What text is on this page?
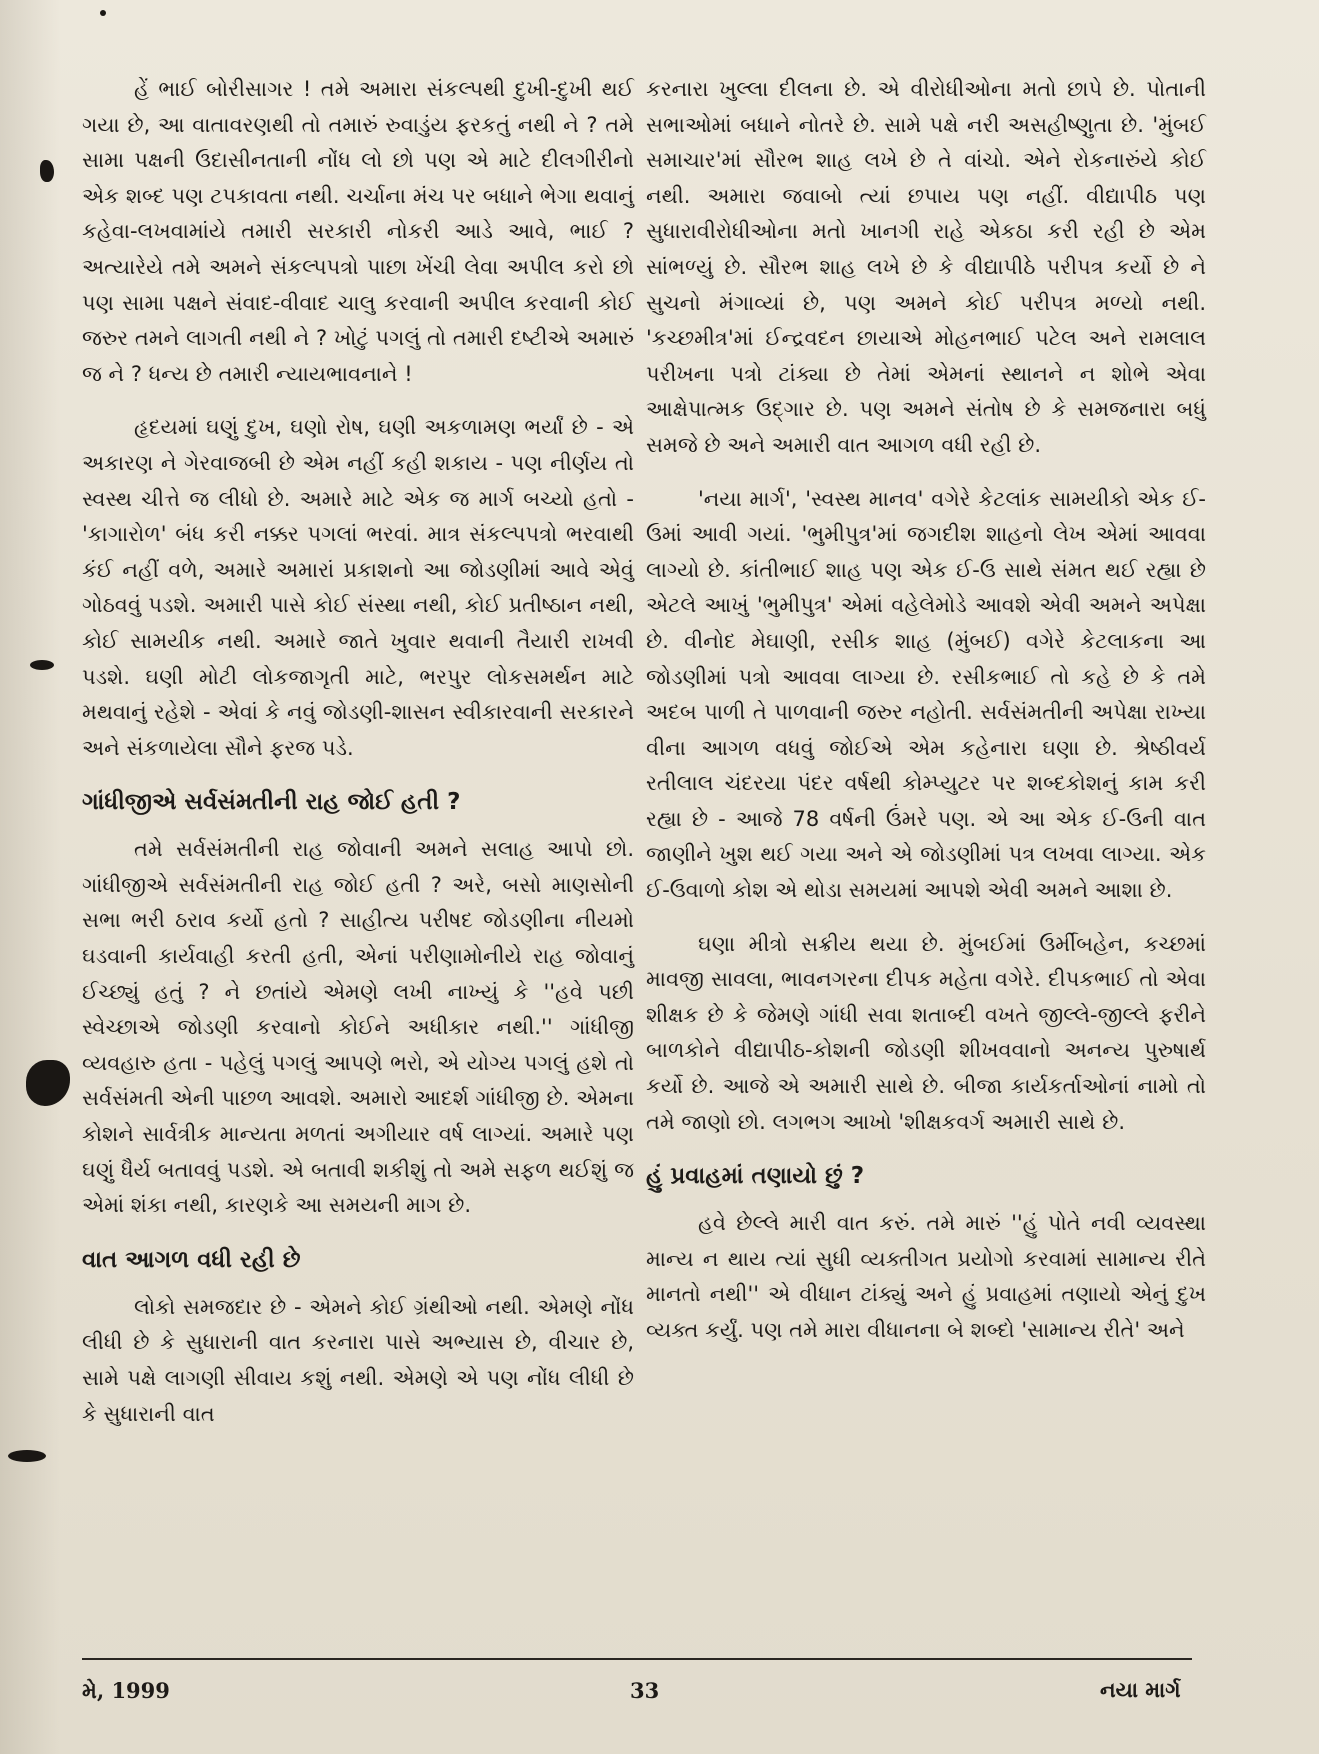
હેં ભાઈ બોરીસાગર ! તમે અમારા સંકલ્પથી દુખી-દુખી થઈ ગયા છે, આ વાતાવરણથી તો તમારું રુવાડુંય ફરકતું નથી ને ? તમે સામા પક્ષની ઉદાસીનતાની નોંધ લો છો પણ એ માટે દીલગીરીનો એક શબ્દ પણ ટપકાવતા નથી. ચર્ચાના મંચ પર બધાને ભેગા થવાનું કહેવા-લખવામાંયે તમારી સરકારી નોકરી આડે આવે, ભાઈ ? અત્યારેયે તમે અમને સંકલ્પપત્રો પાછા ખેંચી લેવા અપીલ કરો છો પણ સામા પક્ષને સંવાદ-વીવાદ ચાલુ કરવાની અપીલ કરવાની કોઈ જરુર તમને લાગતી નથી ને ? ખોટું પગલું તો તમારી દષ્ટીએ અમારું જ ને ? ધન્ય છે તમારી ન્યાયભાવનાને !

હૃદયમાં ઘણું દુખ, ઘણો રોષ, ઘણી અકળામણ ભર્યાં છે - એ અકારણ ને ગેરવાજબી છે એમ નહીં કહી શકાય - પણ નીર્ણય તો સ્વસ્થ ચીત્તે જ લીધો છે. અમારે માટે એક જ માર્ગ બચ્યો હતો - 'કાગારોળ' બંધ કરી નક્કર પગલાં ભરવાં. માત્ર સંકલ્પપત્રો ભરવાથી કંઈ નહીં વળે, અમારે અમારાં પ્રકાશનો આ જોડણીમાં આવે એવું ગોઠવવું પડશે. અમારી પાસે કોઈ સંસ્થા નથી, કોઈ પ્રતીષ્ઠાન નથી, કોઈ સામયીક નથી. અમારે જાતે ખુવાર થવાની તૈયારી રાખવી પડશે. ઘણી મોટી લોકજાગૃતી માટે, ભરપુર લોકસમર્થન માટે મથવાનું રહેશે - એવાં કે નવું જોડણી-શાસન સ્વીકારવાની સરકારને અને સંકળાયેલા સૌને ફરજ પડે.

ગાંધીજીએ સર્વસંમતીની રાહ જોઈ હતી ?

તમે સર્વસંમતીની રાહ જોવાની અમને સલાહ આપો છો. ગાંધીજીએ સર્વસંમતીની રાહ જોઈ હતી ? અરે, બસો માણસોની સભા ભરી ઠરાવ કર્યો હતો ? સાહીત્ય પરીષદ જોડણીના નીયમો ઘડવાની કાર્યવાહી કરતી હતી, એનાં પરીણામોનીયે રાહ જોવાનું ઈચ્છ્યું હતું ? ને છતાંયે એમણે લખી નાખ્યું કે ''હવે પછી સ્વેચ્છાએ જોડણી કરવાનો કોઈને અધીકાર નથી.'' ગાંધીજી વ્યવહારુ હતા - પહેલું પગલું આપણે ભરો, એ યોગ્ય પગલું હશે તો સર્વસંમતી એની પાછળ આવશે. અમારો આદર્શ ગાંધીજી છે. એમના કોશને સાર્વત્રીક માન્યતા મળતાં અગીયાર વર્ષ લાગ્યાં. અમારે પણ ઘણું ધૈર્ય બતાવવું પડશે. એ બતાવી શકીશું તો અમે સફળ થઈશું જ એમાં શંકા નથી, કારણકે આ સમયની માગ છે.

વાત આગળ વધી રહી છે

લોકો સમજદાર છે - એમને કોઈ ગ્રંથીઓ નથી. એમણે નોંધ લીધી છે કે સુધારાની વાત કરનારા પાસે અભ્યાસ છે, વીચાર છે, સામે પક્ષે લાગણી સીવાય કશું નથી. એમણે એ પણ નોંધ લીધી છે કે સુધારાની વાત

કરનારા ખુલ્લા દીલના છે. એ વીરોધીઓના મતો છાપે છે. પોતાની સભાઓમાં બધાને નોતરે છે. સામે પક્ષે નરી અસહીષ્ણુતા છે. 'મુંબઈ સમાચાર'માં સૌરભ શાહ લખે છે તે વાંચો. એને રોકનારુંયે કોઈ નથી. અમારા જવાબો ત્યાં છપાય પણ નહીં. વીદ્યાપીઠ પણ સુધારાવીરોધીઓના મતો ખાનગી રાહે એકઠા કરી રહી છે એમ સાંભળ્યું છે. સૌરભ શાહ લખે છે કે વીદ્યાપીઠે પરીપત્ર કર્યો છે ને સુચનો મંગાવ્યાં છે, પણ અમને કોઈ પરીપત્ર મળ્યો નથી. 'કચ્છમીત્ર'માં ઈન્દ્રવદન છાયાએ મોહનભાઈ પટેલ અને રામલાલ પરીખના પત્રો ટાંક્યા છે તેમાં એમનાં સ્થાનને ન શોભે એવા આક્ષેપાત્મક ઉદ્ગાર છે. પણ અમને સંતોષ છે કે સમજનારા બધું સમજે છે અને અમારી વાત આગળ વધી રહી છે.

'નયા માર્ગ', 'સ્વસ્થ માનવ' વગેરે કેટલાંક સામયીકો એક ઈ-ઉમાં આવી ગયાં. 'ભુમીપુત્ર'માં જગદીશ શાહનો લેખ એમાં આવવા લાગ્યો છે. કાંતીભાઈ શાહ પણ એક ઈ-ઉ સાથે સંમત થઈ રહ્યા છે એટલે આખું 'ભુમીપુત્ર' એમાં વહેલેમોડે આવશે એવી અમને અપેક્ષા છે. વીનોદ મેઘાણી, રસીક શાહ (મુંબઈ) વગેરે કેટલાકના આ જોડણીમાં પત્રો આવવા લાગ્યા છે. રસીકભાઈ તો કહે છે કે તમે અદબ પાળી તે પાળવાની જરુર નહોતી. સર્વસંમતીની અપેક્ષા રાખ્યા વીના આગળ વધવું જોઈએ એમ કહેનારા ઘણા છે. શ્રેષ્ઠીવર્ય રતીલાલ ચંદરયા પંદર વર્ષથી કોમ્પ્યુટર પર શબ્દકોશનું કામ કરી રહ્યા છે - આજે 78 વર્ષની ઉંમરે પણ. એ આ એક ઈ-ઉની વાત જાણીને ખુશ થઈ ગયા અને એ જોડણીમાં પત્ર લખવા લાગ્યા. એક ઈ-ઉવાળો કોશ એ થોડા સમયમાં આપશે એવી અમને આશા છે.

ઘણા મીત્રો સક્રીય થયા છે. મુંબઈમાં ઉર્મીબહેન, કચ્છમાં માવજી સાવલા, ભાવનગરના દીપક મહેતા વગેરે. દીપકભાઈ તો એવા શીક્ષક છે કે જેમણે ગાંધી સવા શતાબ્દી વખતે જીલ્લે-જીલ્લે ફરીને બાળકોને વીદ્યાપીઠ-કોશની જોડણી શીખવવાનો અનન્ય પુરુષાર્થ કર્યો છે. આજે એ અમારી સાથે છે. બીજા કાર્યકર્તાઓનાં નામો તો તમે જાણો છો. લગભગ આખો 'શીક્ષકવર્ગ અમારી સાથે છે.

હું પ્રવાહમાં તણાયો છું ?

હવે છેલ્લે મારી વાત કરું. તમે મારું ''હું પોતે નવી વ્યવસ્થા માન્ય ન થાય ત્યાં સુધી વ્યક્તીગત પ્રયોગો કરવામાં સામાન્ય રીતે માનતો નથી'' એ વીધાન ટાંક્યું અને હું પ્રવાહમાં તણાયો એનું દુખ વ્યક્ત કર્યું. પણ તમે મારા વીધાનના બે શબ્દો 'સામાન્ય રીતે' અને

મે, 1999	33	નયા માર્ગ
